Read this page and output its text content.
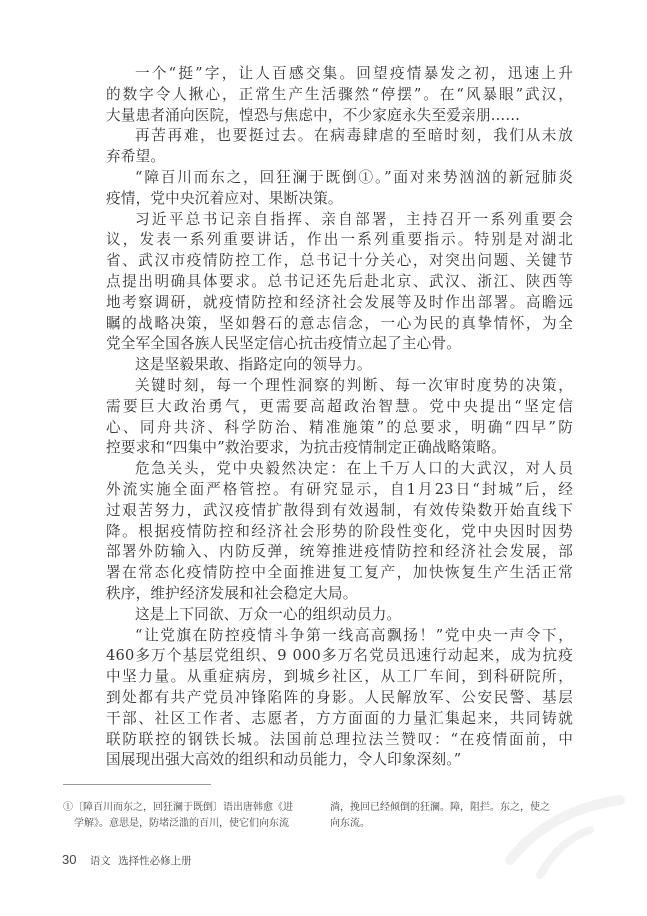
一个“挺”字，让人百感交集。回望疫情暴发之初，迅速上升
的数字令人揪心，正常生产生活骤然“停摆”。在“风暴眼”武汉，
大量患者涌向医院，惶恐与焦虑中，不少家庭永失至爱亲朋……
再苦再难，也要挺过去。在病毒肆虐的至暗时刻，我们从未放
弃希望。
“障百川而东之，回狂澜于既倒①。”面对来势汹汹的新冠肺炎
疫情，党中央沉着应对、果断决策。
习近平总书记亲自指挥、亲自部署，主持召开一系列重要会
议，发表一系列重要讲话，作出一系列重要指示。特别是对湖北
省、武汉市疫情防控工作，总书记十分关心，对突出问题、关键节
点提出明确具体要求。总书记还先后赴北京、武汉、浙江、陕西等
地考察调研，就疫情防控和经济社会发展等及时作出部署。高瞻远
瞩的战略决策，坚如磐石的意志信念，一心为民的真挚情怀，为全
党全军全国各族人民坚定信心抗击疫情立起了主心骨。
这是坚毅果敢、指路定向的领导力。
关键时刻，每一个理性洞察的判断、每一次审时度势的决策，
需要巨大政治勇气，更需要高超政治智慧。党中央提出“坚定信
心、同舟共济、科学防治、精准施策”的总要求，明确“四早”防
控要求和“四集中”救治要求，为抗击疫情制定正确战略策略。
危急关头，党中央毅然决定：在上千万人口的大武汉，对人员
外流实施全面严格管控。有研究显示，自1月23日“封城”后，经
过艰苦努力，武汉疫情扩散得到有效遏制，有效传染数开始直线下
降。根据疫情防控和经济社会形势的阶段性变化，党中央因时因势
部署外防输入、内防反弹，统筹推进疫情防控和经济社会发展，部
署在常态化疫情防控中全面推进复工复产，加快恢复生产生活正常
秩序，维护经济发展和社会稳定大局。
这是上下同欲、万众一心的组织动员力。
“让党旗在防控疫情斗争第一线高高飘扬！”党中央一声令下，
460多万个基层党组织、9 000多万名党员迅速行动起来，成为抗疫
中坚力量。从重症病房，到城乡社区，从工厂车间，到科研院所，
到处都有共产党员冲锋陷阵的身影。人民解放军、公安民警、基层
干部、社区工作者、志愿者，方方面面的力量汇集起来，共同铸就
联防联控的钢铁长城。法国前总理拉法兰赞叹：“在疫情面前，中
国展现出强大高效的组织和动员能力，令人印象深刻。”
①〔障百川而东之，回狂澜于既倒〕语出唐韩愈《进
学解》。意思是，防堵泛滥的百川，使它们向东流
淌，挽回已经倾倒的狂澜。障，阻拦。东之，使之
向东流。
30 语文 选择性必修上册
